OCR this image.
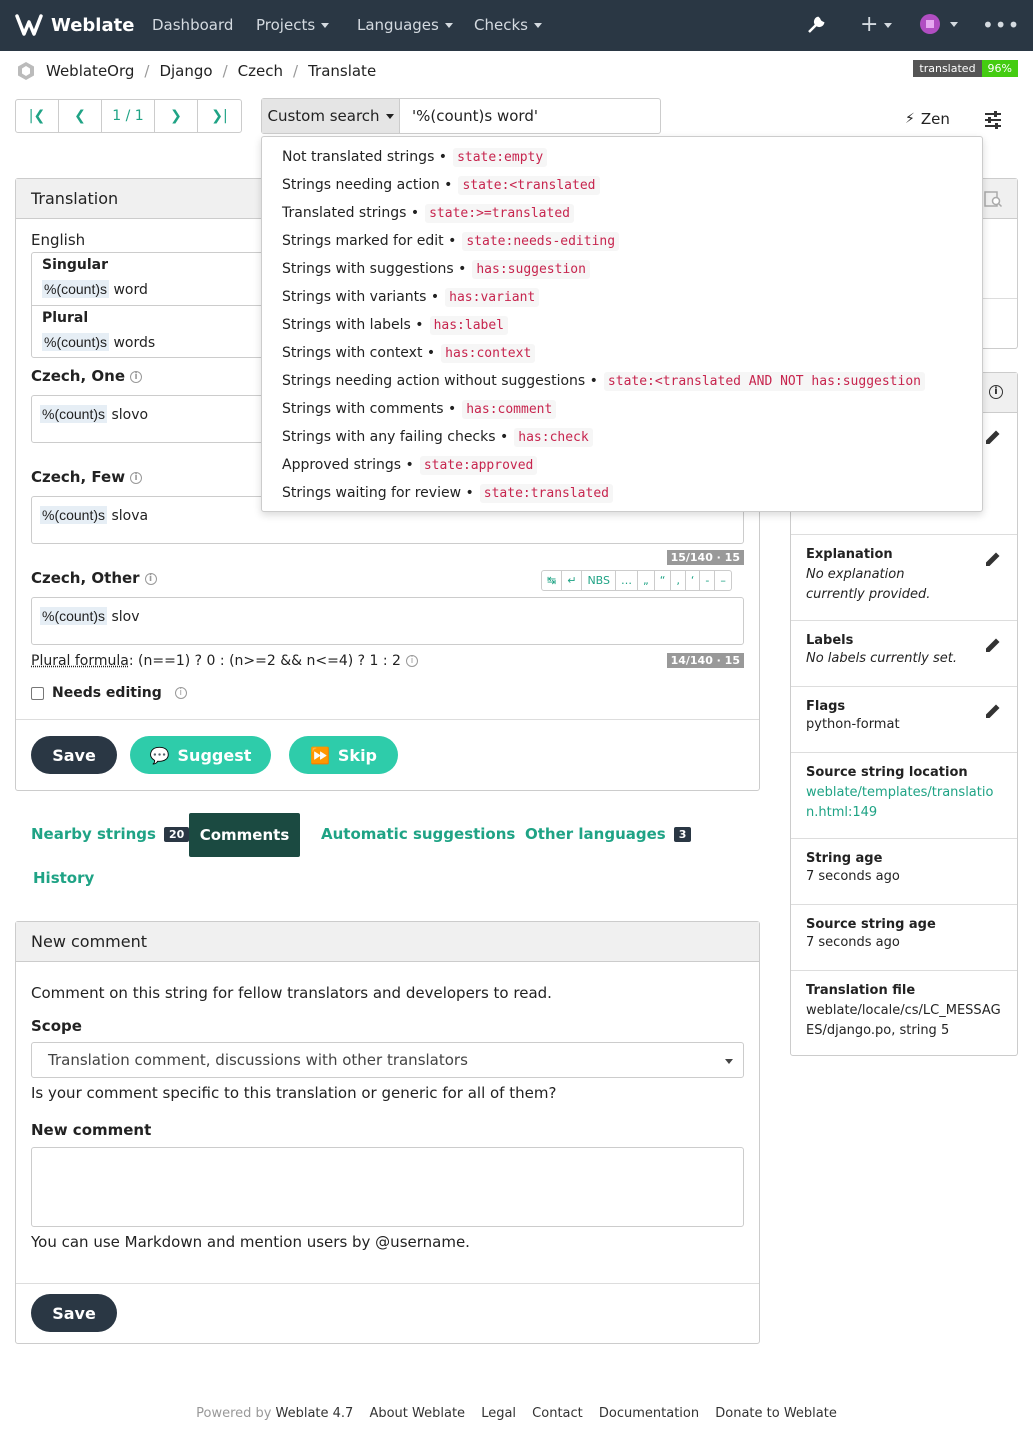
Weblate Dashboard Projects	Languages	Checks	+
	•••
WeblateOrg / Django / Czech / Translate	translated	96%
|❮ ❮	1 / 1	❯ ❯|	Custom search	'%(count)s word'	⚡ Zen
Not translated strings • state:empty
Strings needing action • state:<translated
Translated strings • state:>=translated
Strings marked for edit • state:needs-editing
Strings with suggestions • has:suggestion
Strings with variants • has:variant
Strings with labels • has:label
Strings with context • has:context
Strings needing action without suggestions • state:<translated AND NOT has:suggestion
Strings with comments • has:comment
Strings with any failing checks • has:check
Approved strings • state:approved
Strings waiting for review • state:translated
Translation
English
Singular
%(count)s word
Plural
%(count)s words
Czech, One i
%(count)s slovo
Czech, Few i
%(count)s slova
15/140 · 15
Czech, Other i	↹	↵	NBS	…	„	“	‚	‘	-	–
%(count)s slov
Plural formula: (n==1) ? 0 : (n>=2 && n<=4) ? 1 : 2 i	14/140 · 15
Needs editing	i
Save	💬 Suggest	⏩ Skip
Nearby strings	20	Comments	Automatic suggestions Other languages	3
History
New comment
Comment on this string for fellow translators and developers to read.
Scope
Translation comment, discussions with other translators
Is your comment specific to this translation or generic for all of them?
New comment
You can use Markdown and mention users by @username.
Save
i
Explanation
No explanation currently provided.
Labels
No labels currently set.
Flags
python-format
Source string location
weblate/templates/translation.html:149
String age
7 seconds ago
Source string age
7 seconds ago
Translation file
weblate/locale/cs/LC_MESSAGES/django.po, string 5
Powered by Weblate 4.7 About Weblate Legal Contact Documentation Donate to Weblate
